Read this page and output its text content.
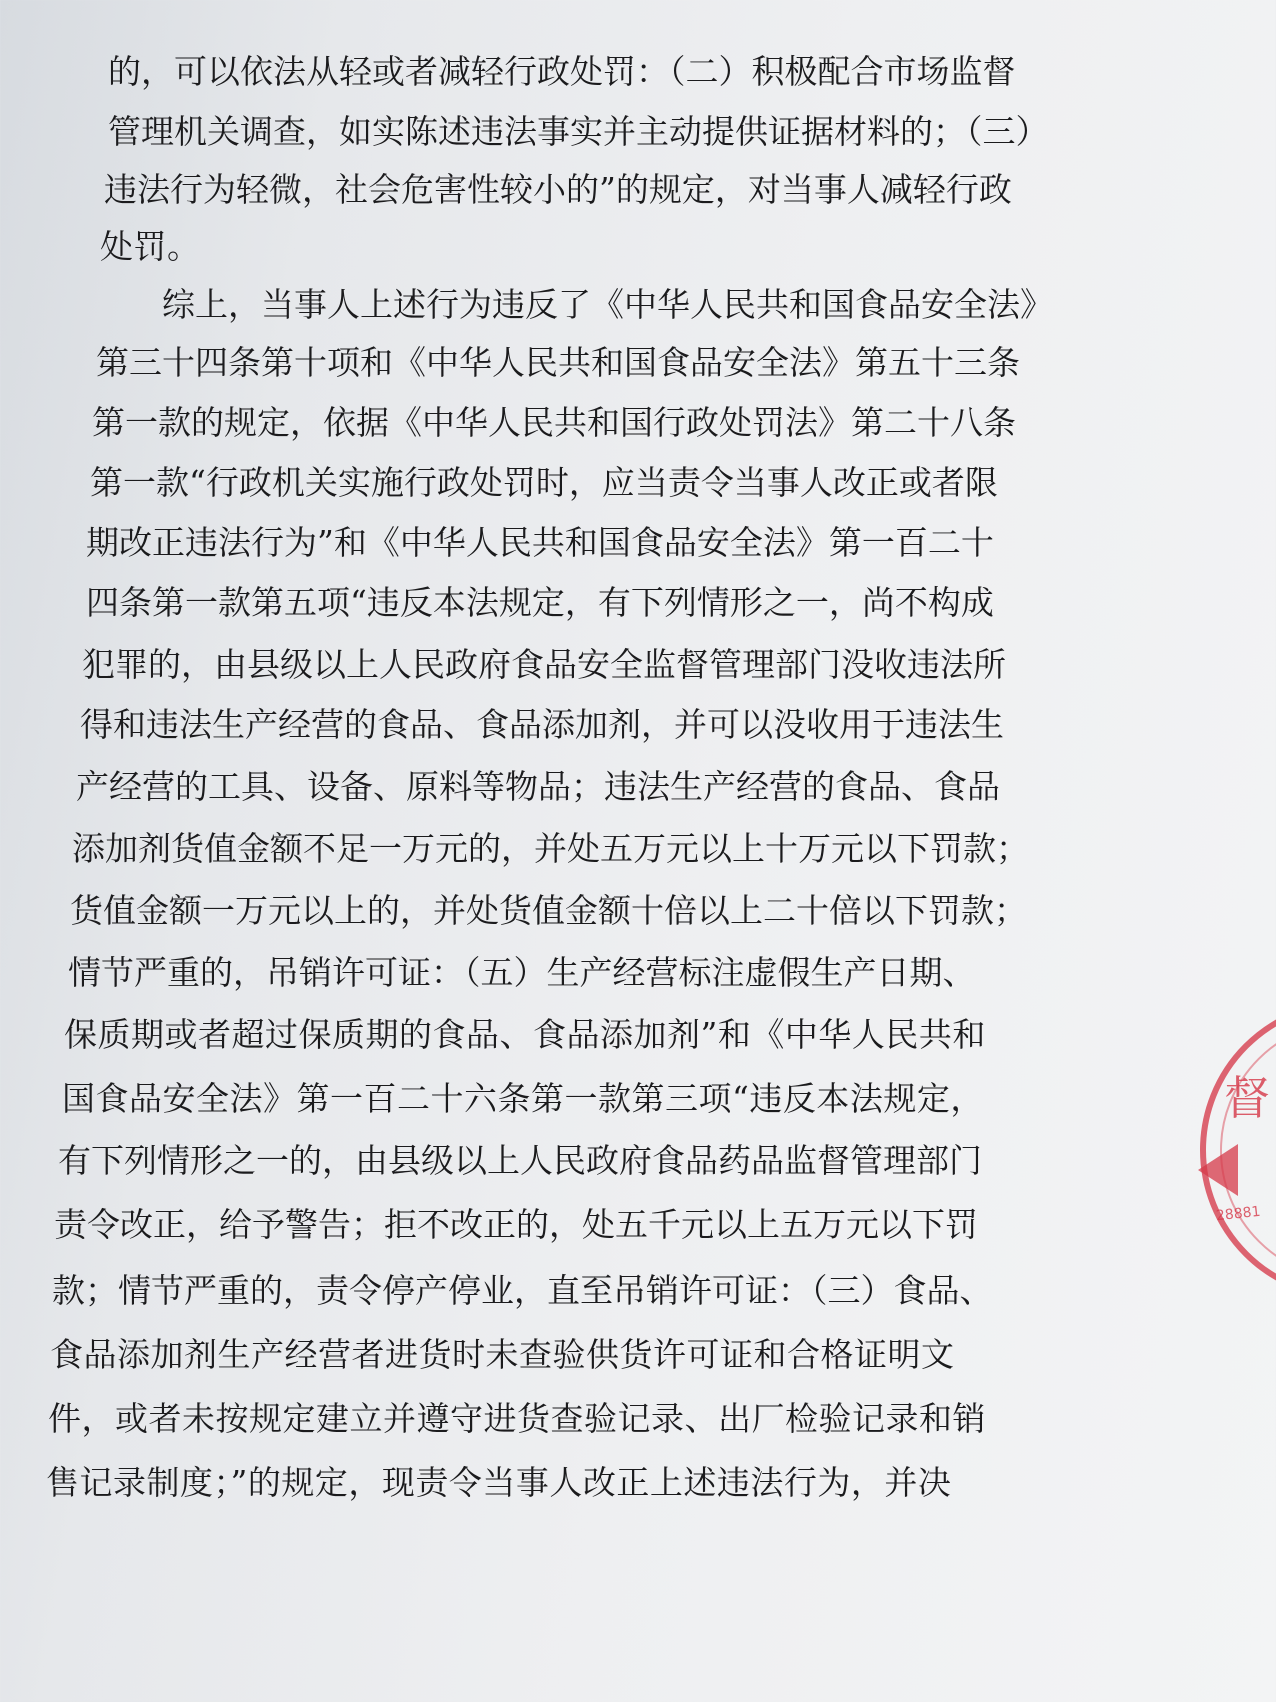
的，可以依法从轻或者减轻行政处罚：（二）积极配合市场监督
管理机关调查，如实陈述违法事实并主动提供证据材料的；（三）
违法行为轻微，社会危害性较小的”的规定，对当事人减轻行政
处罚。
综上，当事人上述行为违反了《中华人民共和国食品安全法》
第三十四条第十项和《中华人民共和国食品安全法》第五十三条
第一款的规定，依据《中华人民共和国行政处罚法》第二十八条
第一款“行政机关实施行政处罚时，应当责令当事人改正或者限
期改正违法行为”和《中华人民共和国食品安全法》第一百二十
四条第一款第五项“违反本法规定，有下列情形之一，尚不构成
犯罪的，由县级以上人民政府食品安全监督管理部门没收违法所
得和违法生产经营的食品、食品添加剂，并可以没收用于违法生
产经营的工具、设备、原料等物品；违法生产经营的食品、食品
添加剂货值金额不足一万元的，并处五万元以上十万元以下罚款；
货值金额一万元以上的，并处货值金额十倍以上二十倍以下罚款；
情节严重的，吊销许可证：（五）生产经营标注虚假生产日期、
保质期或者超过保质期的食品、食品添加剂”和《中华人民共和
国食品安全法》第一百二十六条第一款第三项“违反本法规定，
有下列情形之一的，由县级以上人民政府食品药品监督管理部门
责令改正，给予警告；拒不改正的，处五千元以上五万元以下罚
款；情节严重的，责令停产停业，直至吊销许可证：（三）食品、
食品添加剂生产经营者进货时未查验供货许可证和合格证明文
件，或者未按规定建立并遵守进货查验记录、出厂检验记录和销
售记录制度；”的规定，现责令当事人改正上述违法行为，并决
督
28881
